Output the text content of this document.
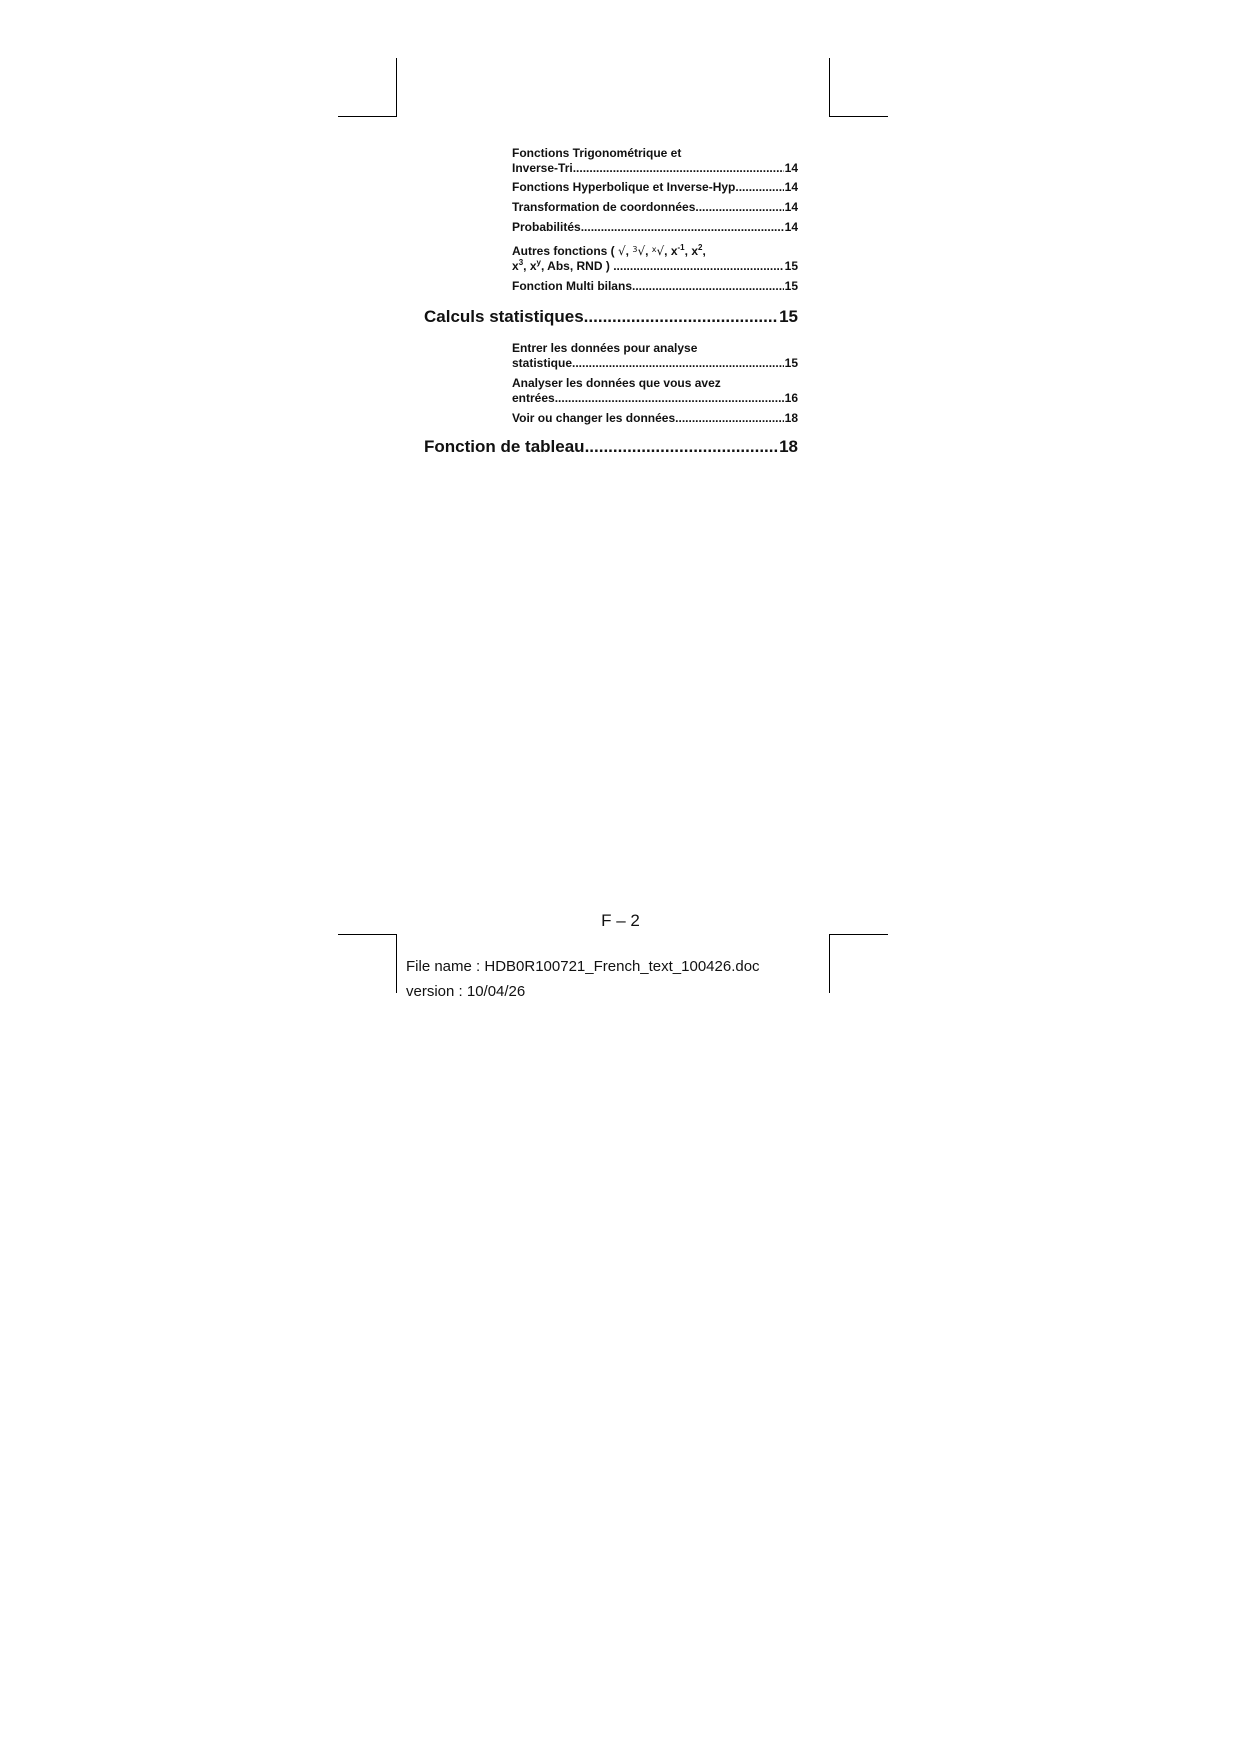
Fonctions Trigonométrique et
Inverse-Tri .....	14
Fonctions Hyperbolique et Inverse-Hyp .....	14
Transformation de coordonnées .....	14
Probabilités .....	14
Autres fonctions ( √, $^3$√, $^x$√, $x^{-1}$, $x^2$,
$x^3$, $x^y$, Abs, RND ) .....	15
Fonction Multi bilans .....	15
Calculs statistiques .....	15
Entrer les données pour analyse
statistique .....	15
Analyser les données que vous avez
entrées .....	16
Voir ou changer les données .....	18
Fonction de tableau .....	18
F – 2
File name : HDB0R100721_French_text_100426.doc
version : 10/04/26
